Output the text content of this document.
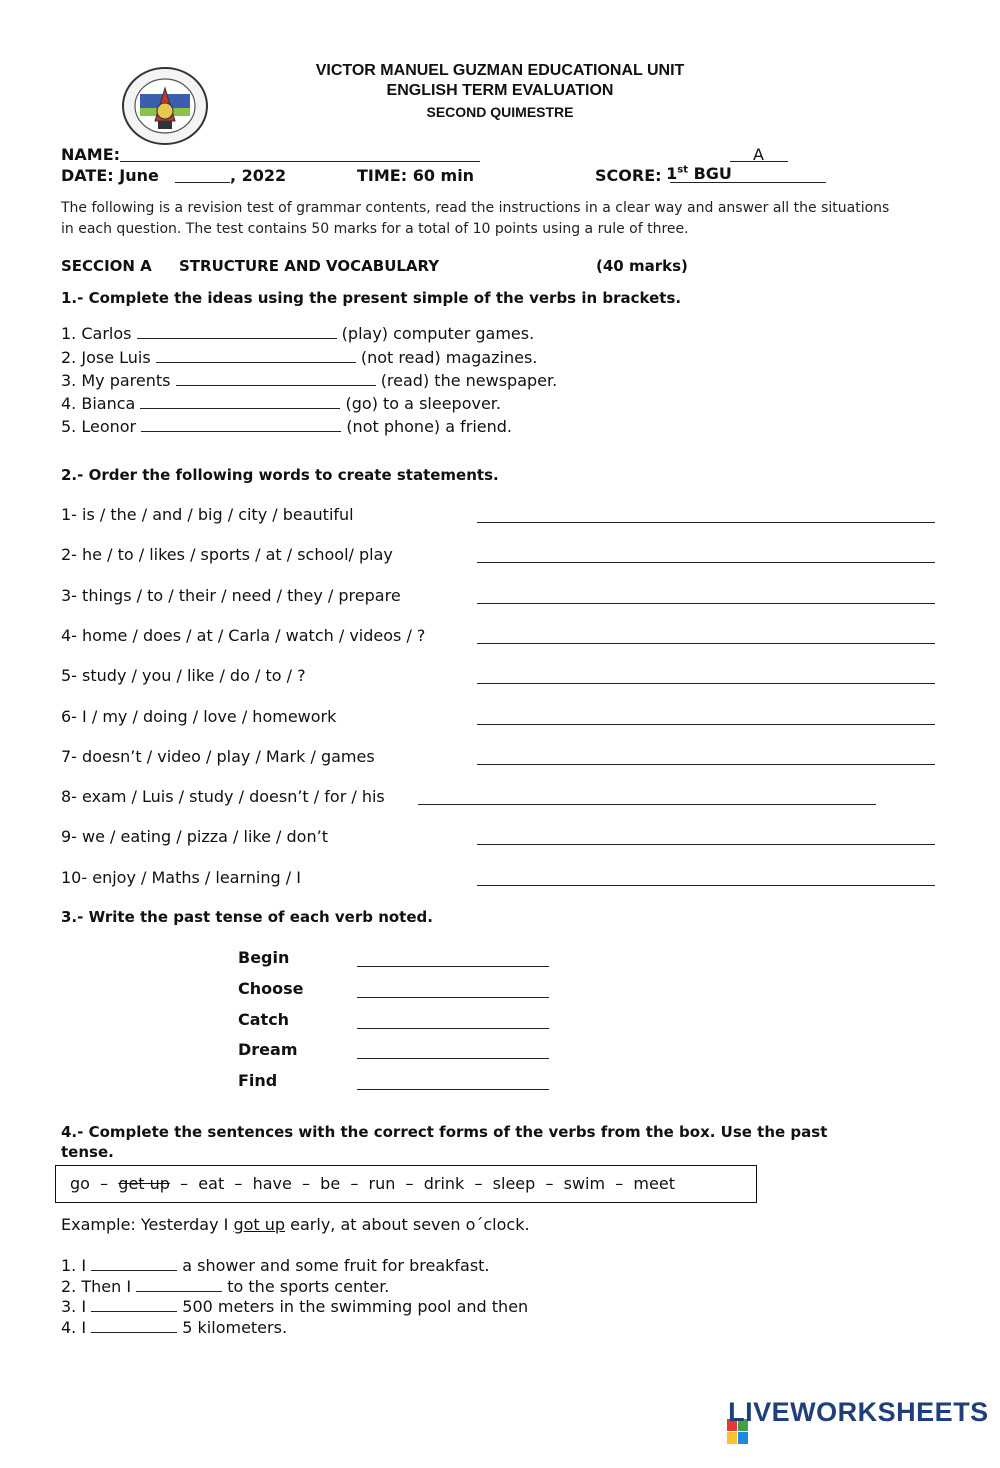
VICTOR MANUEL GUZMAN EDUCATIONAL UNIT
ENGLISH TERM EVALUATION
SECOND QUIMESTRE
NAME:

1st BGU

A
DATE: June	, 2022	TIME: 60 min	SCORE:
The following is a revision test of grammar contents, read the instructions in a clear way and answer all the situations
in each question. The test contains 50 marks for a total of 10 points using a rule of three.
SECCION A STRUCTURE AND VOCABULARY	(40 marks)
1.- Complete the ideas using the present simple of the verbs in brackets.
1. Carlos	(play) computer games.
2. Jose Luis	(not read) magazines.
3. My parents	(read) the newspaper.
4. Bianca	(go) to a sleepover.
5. Leonor	(not phone) a friend.
2.- Order the following words to create statements.
1- is / the / and / big / city / beautiful
2- he / to / likes / sports / at / school/ play
3- things / to / their / need / they / prepare
4- home / does / at / Carla / watch / videos / ?
5- study / you / like / do / to / ?
6- I / my / doing / love / homework
7- doesn’t / video / play / Mark / games
8- exam / Luis / study / doesn’t / for / his
9- we / eating / pizza / like / don’t
10- enjoy / Maths / learning / I
3.- Write the past tense of each verb noted.
Begin
Choose
Catch
Dream
Find
4.- Complete the sentences with the correct forms of the verbs from the box. Use the past
tense.
go – get up – eat – have – be – run – drink – sleep – swim – meet
Example: Yesterday I got up early, at about seven o´clock.
1. I	a shower and some fruit for breakfast.
2. Then I	to the sports center.
3. I	500 meters in the swimming pool and then
4. I	5 kilometers.

LIVEWORKSHEETS
